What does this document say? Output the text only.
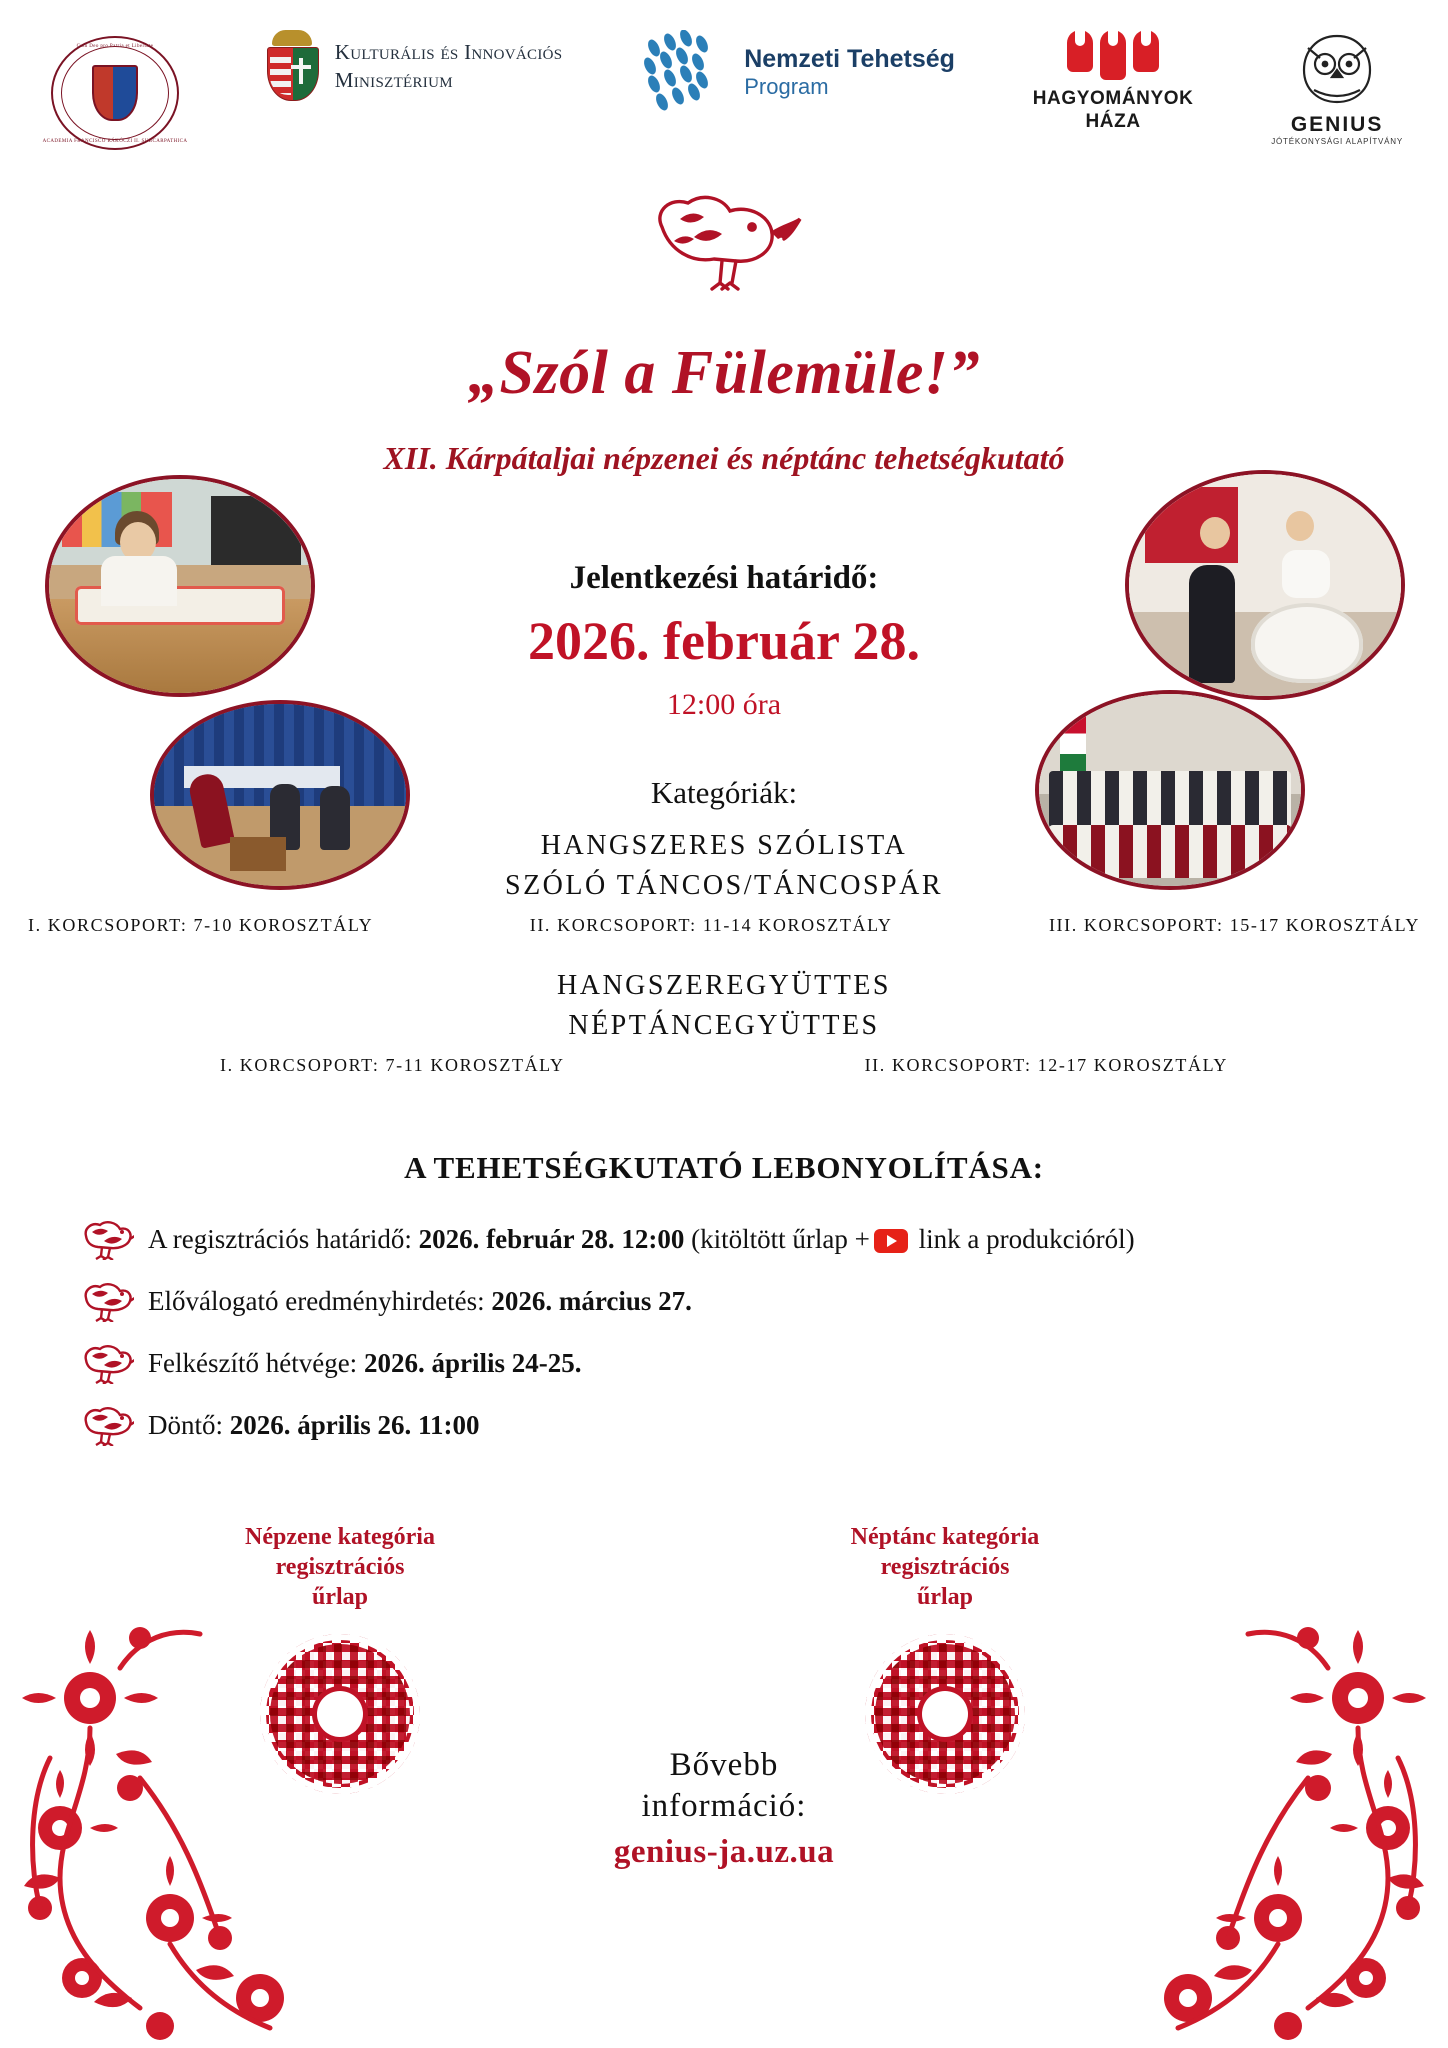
Cum Deo pro Patria et Libertate
ACADEMIA FRANCISCO RÁKÓCZI II. SUBCARPATHICA
Kulturális és Innovációs
Minisztérium
Nemzeti Tehetség
Program	HAGYOMÁNYOK
HÁZA	GENIUS
JÓTÉKONYSÁGI ALAPÍTVÁNY
„Szól a Fülemüle!”
XII. Kárpátaljai népzenei és néptánc tehetségkutató
Jelentkezési határidő:
2026. február 28.
12:00 óra
Kategóriák:
HANGSZERES SZÓLISTA
SZÓLÓ TÁNCOS/TÁNCOSPÁR
I. KORCSOPORT: 7-10 KOROSZTÁLY	II. KORCSOPORT: 11-14 KOROSZTÁLY	III. KORCSOPORT: 15-17 KOROSZTÁLY
HANGSZEREGYÜTTES
NÉPTÁNCEGYÜTTES
I. KORCSOPORT: 7-11 KOROSZTÁLY	II. KORCSOPORT: 12-17 KOROSZTÁLY
A TEHETSÉGKUTATÓ LEBONYOLÍTÁSA:
A regisztrációs határidő: 2026. február 28. 12:00 (kitöltött űrlap + link a produkcióról)
Előválogató eredményhirdetés: 2026. március 27.
Felkészítő hétvége: 2026. április 24-25.
Döntő: 2026. április 26. 11:00
Népzene kategória
regisztrációs
űrlap
Néptánc kategória
regisztrációs
űrlap
Bővebb
információ:
genius-ja.uz.ua
